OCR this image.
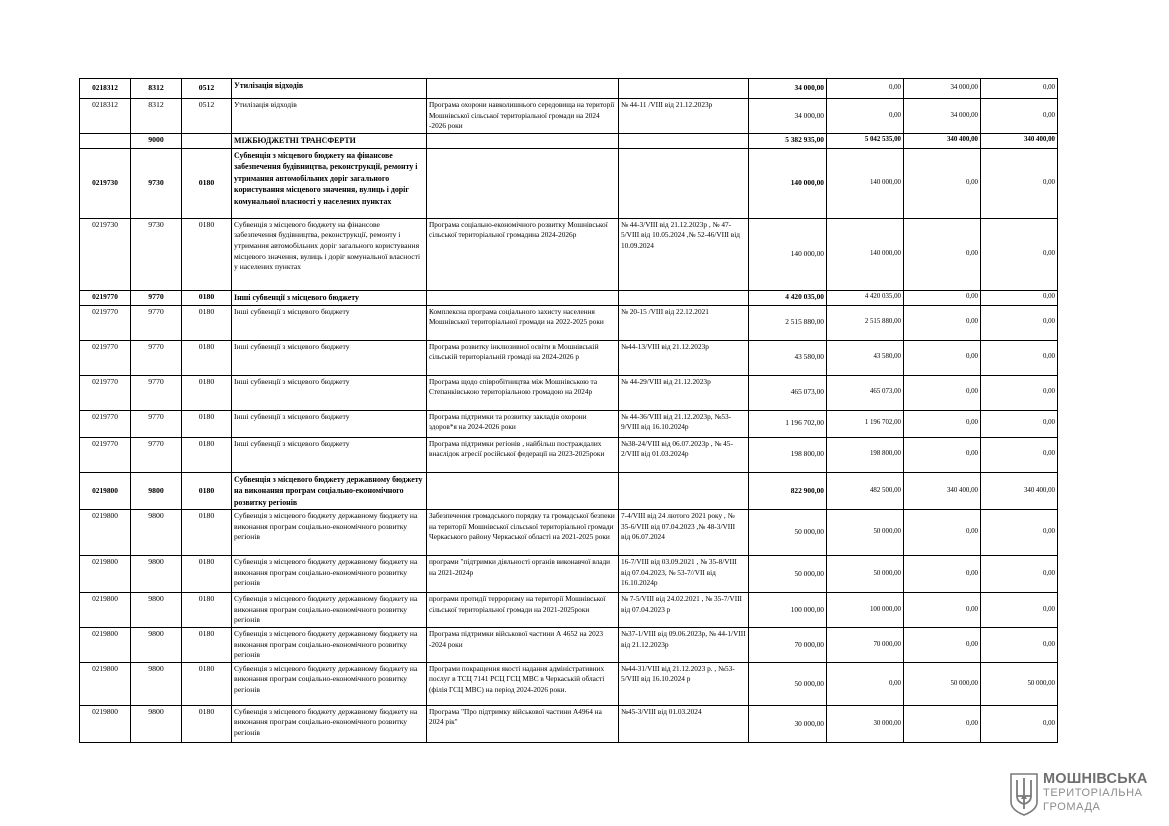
0218312	8312	0512	Утилізація відходів			34 000,00	0,00	34 000,00	0,00
0218312	8312	0512	Утилізація відходів	Програма охорони навколишнього середовища на території Мошнівської сільської територіальної громади на 2024 -2026 роки	№ 44-11 /VIII від 21.12.2023р	34 000,00	0,00	34 000,00	0,00
	9000		МІЖБЮДЖЕТНІ ТРАНСФЕРТИ			5 382 935,00	5 042 535,00	340 400,00	340 400,00
0219730	9730	0180	Субвенція з місцевого бюджету на фінансове забезпечення будівництва, реконструкції, ремонту і утримання автомобільних доріг загального користування місцевого значення, вулиць і доріг комунальної власності у населених пунктах			140 000,00	140 000,00	0,00	0,00
0219730	9730	0180	Субвенція з місцевого бюджету на фінансове забезпечення будівництва, реконструкції, ремонту і утримання автомобільних доріг загального користування місцевого значення, вулиць і доріг комунальної власності у населених пунктах	Програма соціально-економічного розвитку Мошнівської сільської територіальної громадина 2024-2026р	№ 44-3/VIII від 21.12.2023р , № 47-5/VIII від 10.05.2024 ,№ 52-46/VIII від 10.09.2024	140 000,00	140 000,00	0,00	0,00
0219770	9770	0180	Інші субвенції з місцевого бюджету			4 420 035,00	4 420 035,00	0,00	0,00
0219770	9770	0180	Інші субвенції з місцевого бюджету	Комплексна програма соціального захисту населення Мошнівської територіальної громади на 2022-2025 роки	№ 20-15 /VIII від 22.12.2021	2 515 880,00	2 515 880,00	0,00	0,00
0219770	9770	0180	Інші субвенції з місцевого бюджету	Програма розвитку інклюзивної освіти в Мошнівській сільській територіальній громаді на 2024-2026 р	№44-13/VIII від 21.12.2023р	43 580,00	43 580,00	0,00	0,00
0219770	9770	0180	Інші субвенції з місцевого бюджету	Програма щодо співробітництва між Мошнівською та Степанківською територіальною громадою на 2024р	№ 44-29/VIII від 21.12.2023р	465 073,00	465 073,00	0,00	0,00
0219770	9770	0180	Інші субвенції з місцевого бюджету	Програма підтримки та розвитку закладів охорони здоров*я на 2024-2026 роки	№ 44-36/VIII від 21.12.2023р, №53-9/VIII від 16.10.2024р	1 196 702,00	1 196 702,00	0,00	0,00
0219770	9770	0180	Інші субвенції з місцевого бюджету	Програма підтримки регіонів , найбільш постраждалих внаслідок агресії російської федерації на 2023-2025роки	№38-24/VIII від 06.07.2023р , № 45-2/VIII від 01.03.2024р	198 800,00	198 800,00	0,00	0,00
0219800	9800	0180	Субвенція з місцевого бюджету державному бюджету на виконання програм соціально-економічного розвитку регіонів			822 900,00	482 500,00	340 400,00	340 400,00
0219800	9800	0180	Субвенція з місцевого бюджету державному бюджету на виконання програм соціально-економічного розвитку регіонів	Забезпечення громадського порядку та громадської безпеки на території Мошнівської сільської територіальної громади Черкаського району Черкаської області на 2021-2025 роки	7-4/VIII від 24 лютого 2021 року , № 35-6/VIII від 07.04.2023 ,№ 48-3/VIII від 06.07.2024	50 000,00	50 000,00	0,00	0,00
0219800	9800	0180	Субвенція з місцевого бюджету державному бюджету на виконання програм соціально-економічного розвитку регіонів	програми "підтримки діяльності органів виконавчої влади на 2021-2024р	16-7/VIII від 03.09.2021 , № 35-8/VIII від 07.04.2023, № 53-7//VII від 16.10.2024р	50 000,00	50 000,00	0,00	0,00
0219800	9800	0180	Субвенція з місцевого бюджету державному бюджету на виконання програм соціально-економічного розвитку регіонів	програми протидії терроризму на території Мошнівської сільської територіальної громади на 2021-2025роки	№ 7-5/VIII від 24.02.2021 , № 35-7/VIII від 07.04.2023 р	100 000,00	100 000,00	0,00	0,00
0219800	9800	0180	Субвенція з місцевого бюджету державному бюджету на виконання програм соціально-економічного розвитку регіонів	Програма підтримки військової частини А 4652 на 2023 -2024 роки	№37-1/VIII від 09.06.2023р, № 44-1/VIII від 21.12.2023р	70 000,00	70 000,00	0,00	0,00
0219800	9800	0180	Субвенція з місцевого бюджету державному бюджету на виконання програм соціально-економічного розвитку регіонів	Програми покращення якості надання адміністративних послуг в ТСЦ 7141 РСЦ ГСЦ МВС в Черкаській області (філія ГСЦ МВС) на період 2024-2026 роки.	№44-31/VIII від 21.12.2023 р. , №53-5/VIII від 16.10.2024 р	50 000,00	0,00	50 000,00	50 000,00
0219800	9800	0180	Субвенція з місцевого бюджету державному бюджету на виконання програм соціально-економічного розвитку регіонів	Програма "Про підтримку військової частини А4964 на 2024 рік"	№45-3/VIII від 01.03.2024	30 000,00	30 000,00	0,00	0,00
МОШНІВСЬКА
ТЕРИТОРІАЛЬНА
ГРОМАДА
